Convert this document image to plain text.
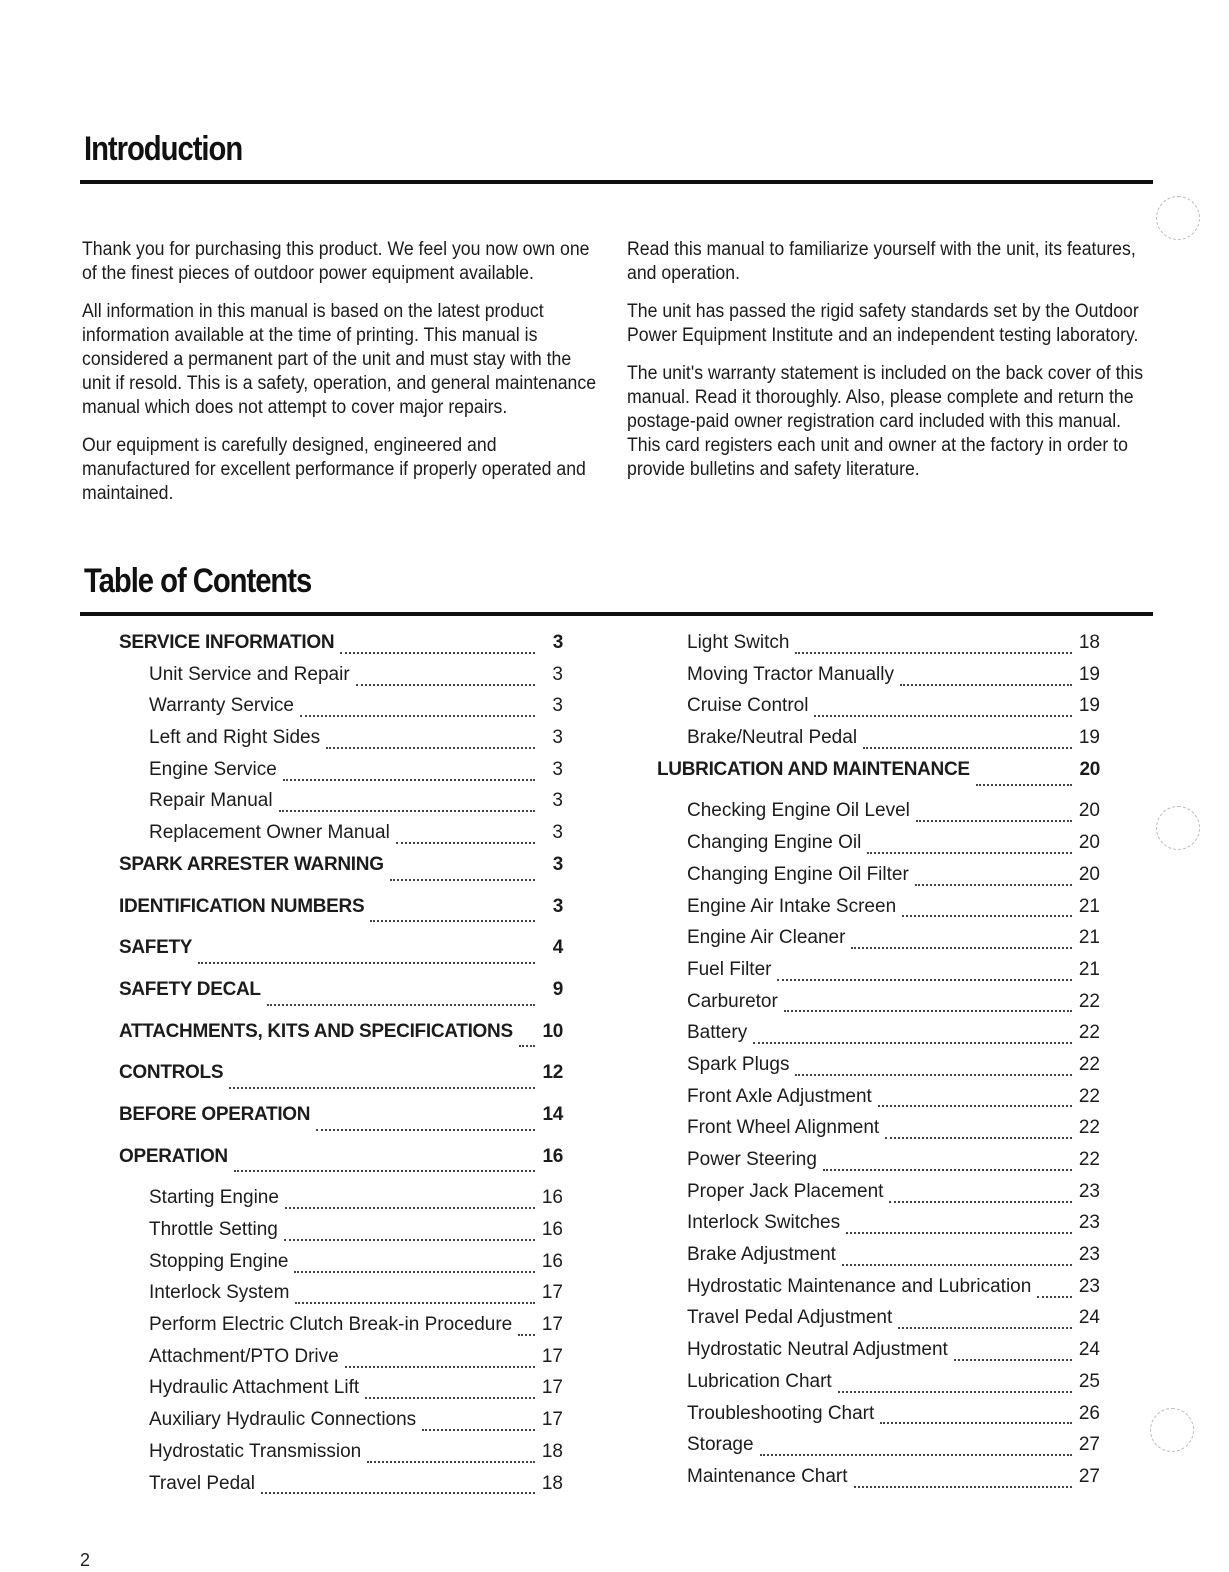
Introduction

Thank you for purchasing this product. We feel you now own one of the finest pieces of outdoor power equipment available.

All information in this manual is based on the latest product information available at the time of printing. This manual is considered a permanent part of the unit and must stay with the unit if resold. This is a safety, operation, and general maintenance manual which does not attempt to cover major repairs.

Our equipment is carefully designed, engineered and manufactured for excellent performance if properly operated and maintained.

Read this manual to familiarize yourself with the unit, its features, and operation.

The unit has passed the rigid safety standards set by the Outdoor Power Equipment Institute and an independent testing laboratory.

The unit's warranty statement is included on the back cover of this manual. Read it thoroughly. Also, please complete and return the postage-paid owner registration card included with this manual. This card registers each unit and owner at the factory in order to provide bulletins and safety literature.

Table of Contents
SERVICE INFORMATION	3
Unit Service and Repair	3
Warranty Service	3
Left and Right Sides	3
Engine Service	3
Repair Manual	3
Replacement Owner Manual	3
SPARK ARRESTER WARNING	3
IDENTIFICATION NUMBERS	3
SAFETY	4
SAFETY DECAL	9
ATTACHMENTS, KITS AND SPECIFICATIONS 10
CONTROLS	12
BEFORE OPERATION	14
OPERATION	16
Starting Engine	16
Throttle Setting	16
Stopping Engine	16
Interlock System	17
Perform Electric Clutch Break-in Procedure 17
Attachment/PTO Drive	17
Hydraulic Attachment Lift	17
Auxiliary Hydraulic Connections	17
Hydrostatic Transmission	18
Travel Pedal	18
Light Switch	18
Moving Tractor Manually	19
Cruise Control	19
Brake/Neutral Pedal	19
LUBRICATION AND MAINTENANCE	20
Checking Engine Oil Level	20
Changing Engine Oil	20
Changing Engine Oil Filter	20
Engine Air Intake Screen	21
Engine Air Cleaner	21
Fuel Filter	21
Carburetor	22
Battery	22
Spark Plugs	22
Front Axle Adjustment	22
Front Wheel Alignment	22
Power Steering	22
Proper Jack Placement	23
Interlock Switches	23
Brake Adjustment	23
Hydrostatic Maintenance and Lubrication	23
Travel Pedal Adjustment	24
Hydrostatic Neutral Adjustment	24
Lubrication Chart	25
Troubleshooting Chart	26
Storage	27
Maintenance Chart	27
2
